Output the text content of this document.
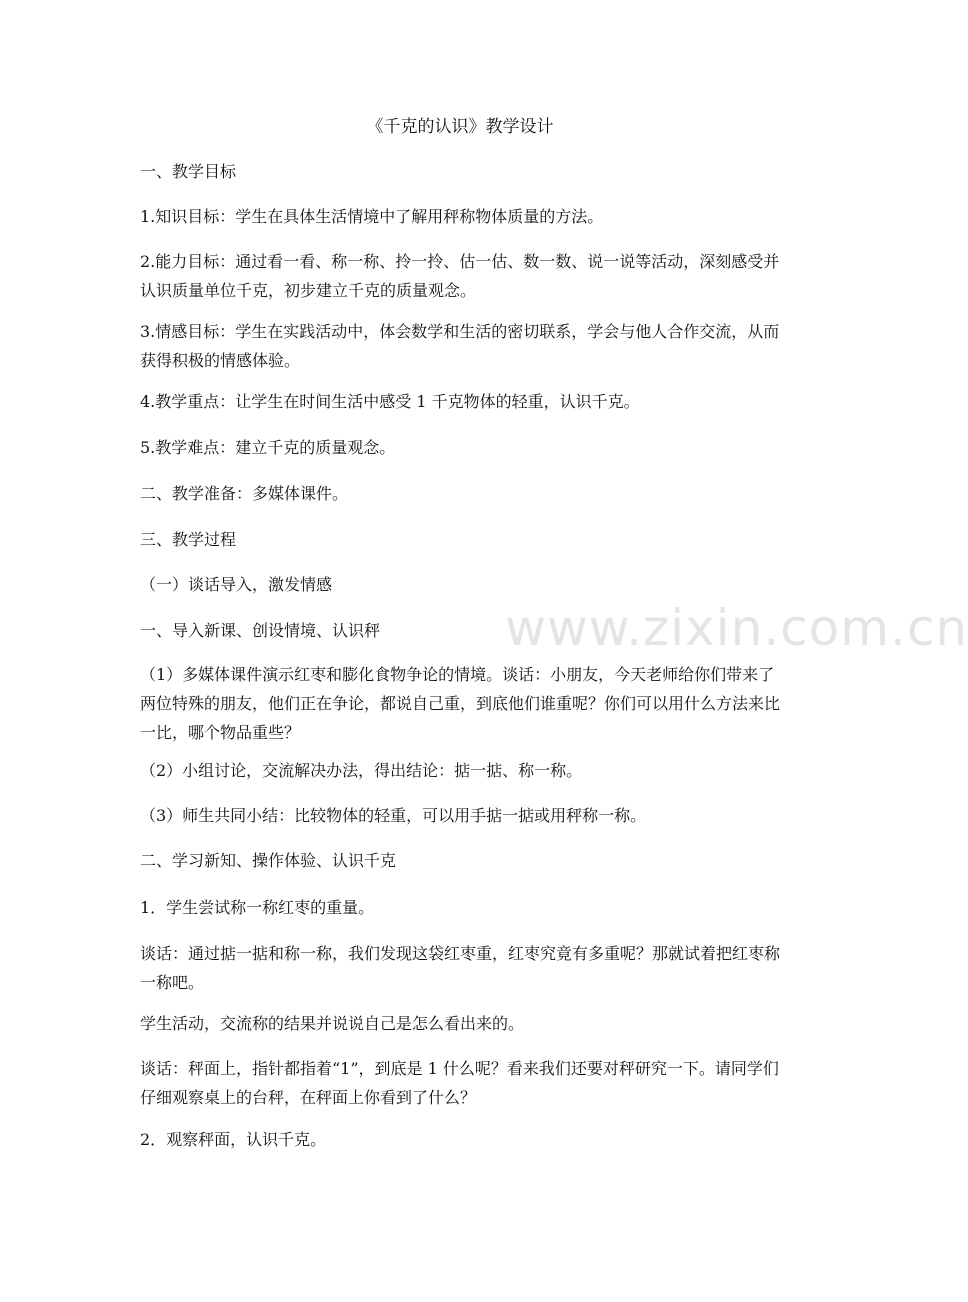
www.zixin.com.cn
《千克的认识》教学设计

一、教学目标

1.知识目标：学生在具体生活情境中了解用秤称物体质量的方法。

2.能力目标：通过看一看、称一称、拎一拎、估一估、数一数、说一说等活动，深刻感受并认识质量单位千克，初步建立千克的质量观念。

3.情感目标：学生在实践活动中，体会数学和生活的密切联系，学会与他人合作交流，从而获得积极的情感体验。

4.教学重点：让学生在时间生活中感受 1 千克物体的轻重，认识千克。

5.教学难点：建立千克的质量观念。

二、教学准备：多媒体课件。

三、教学过程

（一）谈话导入，激发情感

一、导入新课、创设情境、认识秤

（1）多媒体课件演示红枣和膨化食物争论的情境。谈话：小朋友，今天老师给你们带来了两位特殊的朋友，他们正在争论，都说自己重，到底他们谁重呢？你们可以用什么方法来比一比，哪个物品重些？

（2）小组讨论，交流解决办法，得出结论：掂一掂、称一称。

（3）师生共同小结：比较物体的轻重，可以用手掂一掂或用秤称一称。

二、学习新知、操作体验、认识千克

1．学生尝试称一称红枣的重量。

谈话：通过掂一掂和称一称，我们发现这袋红枣重，红枣究竟有多重呢？那就试着把红枣称一称吧。

学生活动，交流称的结果并说说自己是怎么看出来的。

谈话：秤面上，指针都指着“1”，到底是 1 什么呢？看来我们还要对秤研究一下。请同学们仔细观察桌上的台秤，在秤面上你看到了什么？

2．观察秤面，认识千克。
